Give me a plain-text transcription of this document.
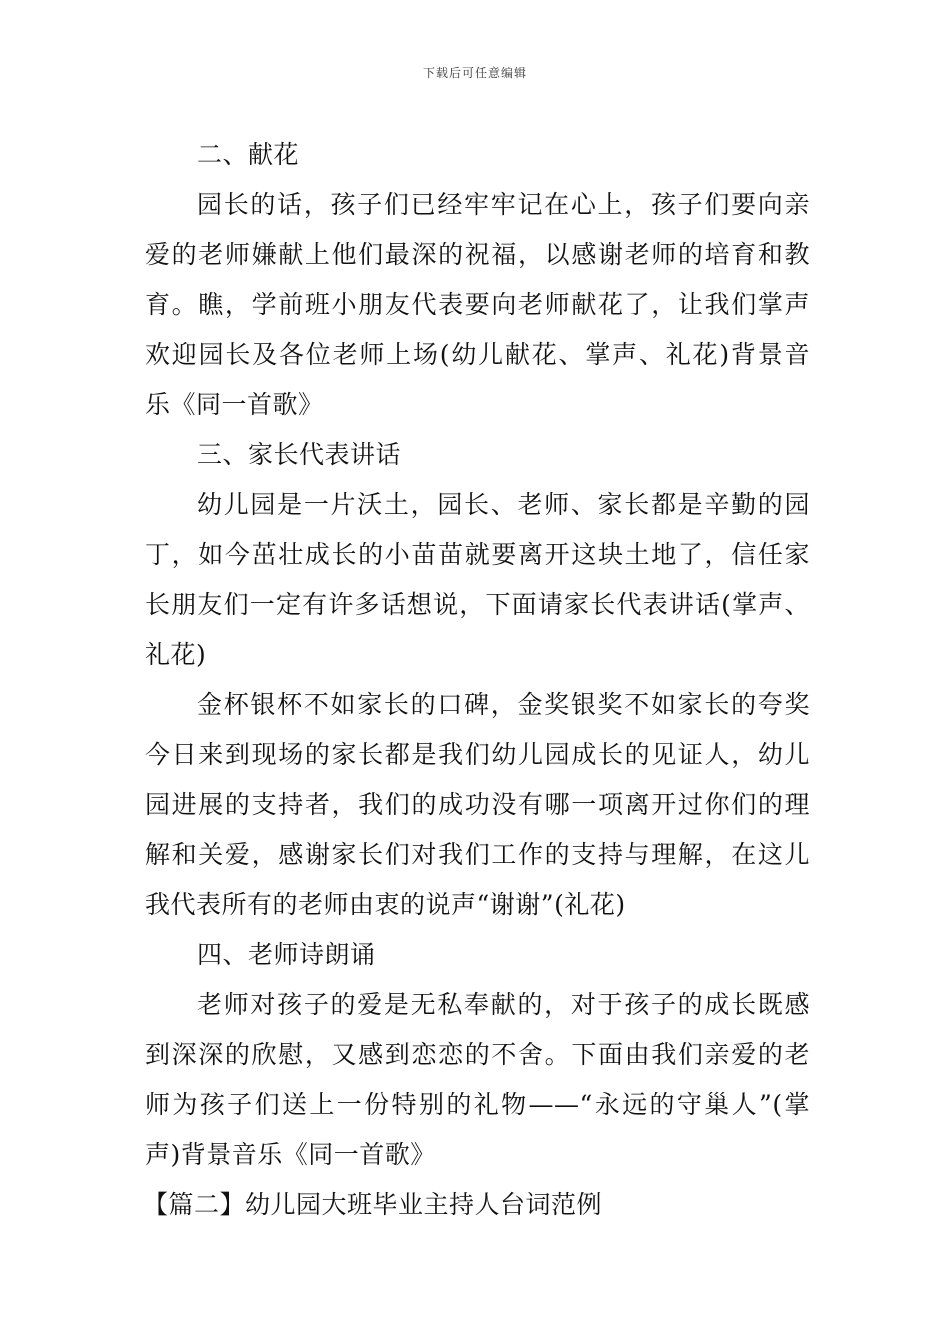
下载后可任意编辑
二、献花
园长的话，孩子们已经牢牢记在心上，孩子们要向亲
爱的老师嫌献上他们最深的祝福，以感谢老师的培育和教
育。瞧，学前班小朋友代表要向老师献花了，让我们掌声
欢迎园长及各位老师上场(幼儿献花、掌声、礼花)背景音
乐《同一首歌》
三、家长代表讲话
幼儿园是一片沃土，园长、老师、家长都是辛勤的园
丁，如今茁壮成长的小苗苗就要离开这块土地了，信任家
长朋友们一定有许多话想说，下面请家长代表讲话(掌声、
礼花)
金杯银杯不如家长的口碑，金奖银奖不如家长的夸奖
今日来到现场的家长都是我们幼儿园成长的见证人，幼儿
园进展的支持者，我们的成功没有哪一项离开过你们的理
解和关爱，感谢家长们对我们工作的支持与理解，在这儿
我代表所有的老师由衷的说声“谢谢”(礼花)
四、老师诗朗诵
老师对孩子的爱是无私奉献的，对于孩子的成长既感
到深深的欣慰，又感到恋恋的不舍。下面由我们亲爱的老
师为孩子们送上一份特别的礼物——“永远的守巢人”(掌
声)背景音乐《同一首歌》
【篇二】幼儿园大班毕业主持人台词范例
